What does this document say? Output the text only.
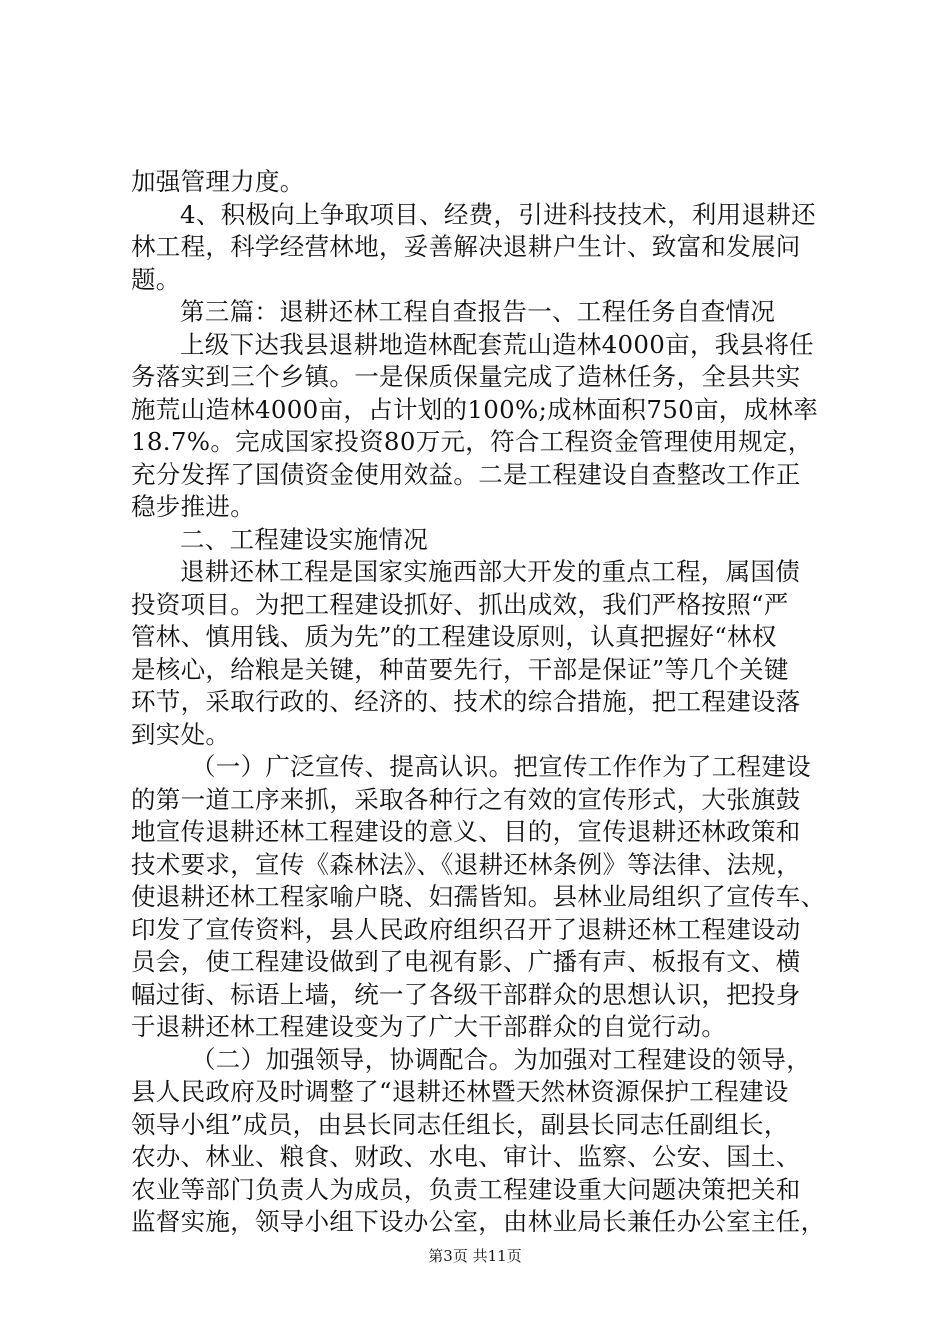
加强管理力度。
4、积极向上争取项目、经费，引进科技技术，利用退耕还
林工程，科学经营林地，妥善解决退耕户生计、致富和发展问
题。
第三篇：退耕还林工程自查报告一、工程任务自查情况
上级下达我县退耕地造林配套荒山造林4000亩，我县将任
务落实到三个乡镇。一是保质保量完成了造林任务，全县共实
施荒山造林4000亩，占计划的100%;成林面积750亩，成林率
18.7%。完成国家投资80万元，符合工程资金管理使用规定，
充分发挥了国债资金使用效益。二是工程建设自查整改工作正
稳步推进。
二、工程建设实施情况
退耕还林工程是国家实施西部大开发的重点工程，属国债
投资项目。为把工程建设抓好、抓出成效，我们严格按照“严
管林、慎用钱、质为先”的工程建设原则，认真把握好“林权
是核心，给粮是关键，种苗要先行，干部是保证”等几个关键
环节，采取行政的、经济的、技术的综合措施，把工程建设落
到实处。
（一）广泛宣传、提高认识。把宣传工作作为了工程建设
的第一道工序来抓，采取各种行之有效的宣传形式，大张旗鼓
地宣传退耕还林工程建设的意义、目的，宣传退耕还林政策和
技术要求，宣传《森林法》、《退耕还林条例》等法律、法规，
使退耕还林工程家喻户晓、妇孺皆知。县林业局组织了宣传车、
印发了宣传资料，县人民政府组织召开了退耕还林工程建设动
员会，使工程建设做到了电视有影、广播有声、板报有文、横
幅过街、标语上墙，统一了各级干部群众的思想认识，把投身
于退耕还林工程建设变为了广大干部群众的自觉行动。
（二）加强领导，协调配合。为加强对工程建设的领导，
县人民政府及时调整了“退耕还林暨天然林资源保护工程建设
领导小组”成员，由县长同志任组长，副县长同志任副组长，
农办、林业、粮食、财政、水电、审计、监察、公安、国土、
农业等部门负责人为成员，负责工程建设重大问题决策把关和
监督实施，领导小组下设办公室，由林业局长兼任办公室主任，

第3页 共11页
